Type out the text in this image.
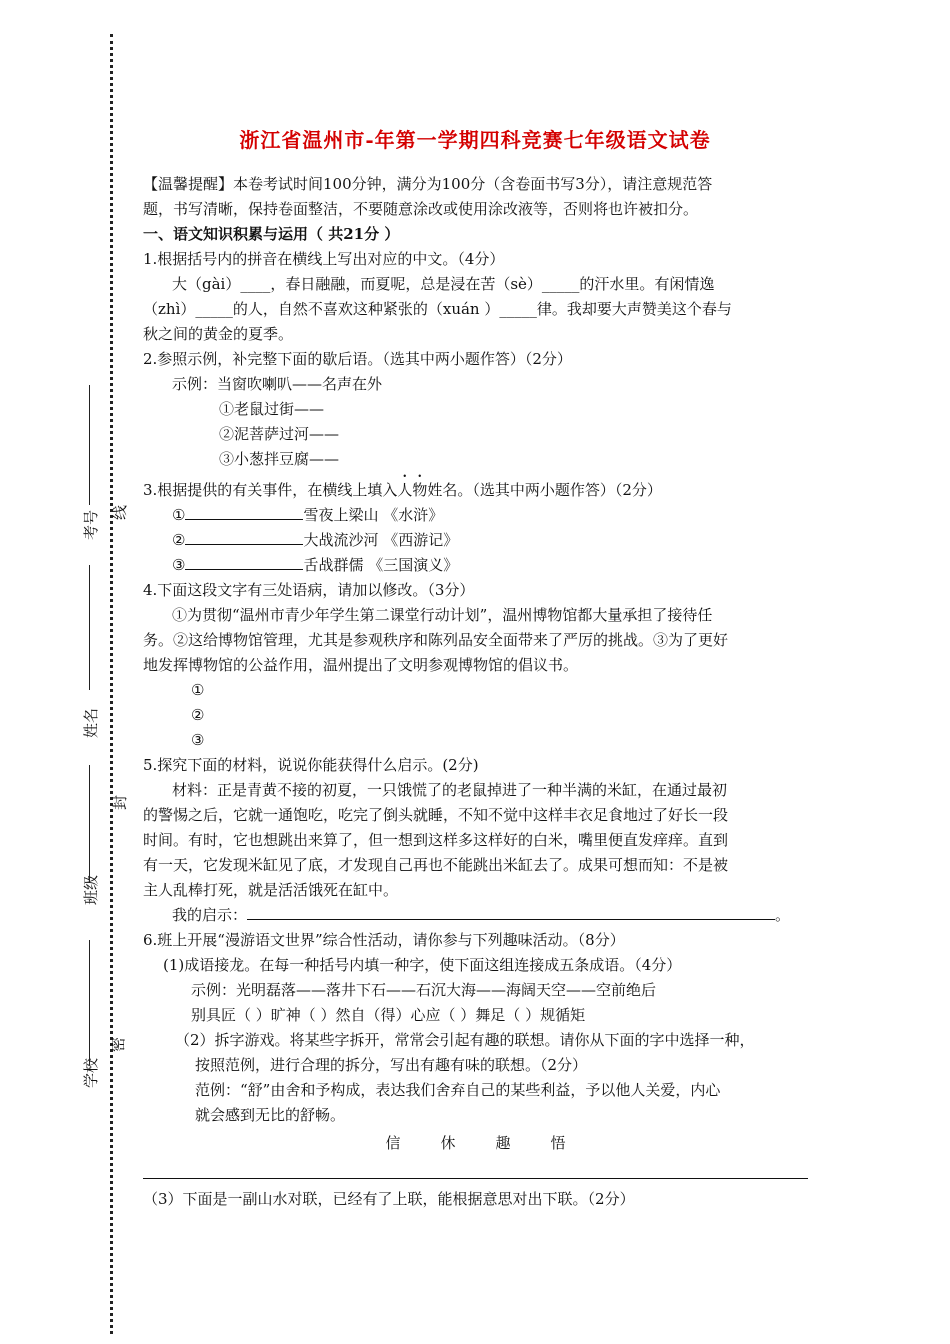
学校
班级
姓名
考号
密
封
线
浙江省温州市-年第一学期四科竞赛七年级语文试卷

【温馨提醒】本卷考试时间100分钟，满分为100分（含卷面书写3分），请注意规范答

题，书写清晰，保持卷面整洁，不要随意涂改或使用涂改液等，否则将也许被扣分。

一、语文知识积累与运用（ 共21分 ）

1.根据括号内的拼音在横线上写出对应的中文。（4分）

大（gài）____，春日融融，而夏呢，总是浸在苦（sè）_____的汗水里。有闲情逸

（zhì）_____的人，自然不喜欢这种紧张的（xuán ）_____律。我却要大声赞美这个春与

秋之间的黄金的夏季。

2.参照示例，补完整下面的歇后语。（选其中两小题作答）（2分）

示例：当窗吹喇叭——名声在外

①老鼠过街——

②泥菩萨过河——

③小葱拌豆腐——

3.根据提供的有关事件，在横线上填入人物姓名。（选其中两小题作答）（2分）

①	雪夜上梁山 《水浒》

②	大战流沙河 《西游记》

③	舌战群儒 《三国演义》

4.下面这段文字有三处语病，请加以修改。（3分）

①为贯彻“温州市青少年学生第二课堂行动计划”，温州博物馆都大量承担了接待任

务。②这给博物馆管理，尤其是参观秩序和陈列品安全面带来了严厉的挑战。③为了更好

地发挥博物馆的公益作用，温州提出了文明参观博物馆的倡议书。

①

②

③

5.探究下面的材料，说说你能获得什么启示。(2分)

材料：正是青黄不接的初夏，一只饿慌了的老鼠掉进了一种半满的米缸，在通过最初

的警惕之后，它就一通饱吃，吃完了倒头就睡，不知不觉中这样丰衣足食地过了好长一段

时间。有时，它也想跳出来算了，但一想到这样多这样好的白米，嘴里便直发痒痒。直到

有一天，它发现米缸见了底，才发现自己再也不能跳出米缸去了。成果可想而知：不是被

主人乱棒打死，就是活活饿死在缸中。

我的启示：	。

6.班上开展“漫游语文世界”综合性活动，请你参与下列趣味活动。（8分）

(1)成语接龙。在每一种括号内填一种字，使下面这组连接成五条成语。（4分）

示例：光明磊落——落井下石——石沉大海——海阔天空——空前绝后

别具匠（ ）旷神（ ）然自（得）心应（ ）舞足（ ）规循矩

（2）拆字游戏。将某些字拆开，常常会引起有趣的联想。请你从下面的字中选择一种，

按照范例，进行合理的拆分，写出有趣有味的联想。（2分）

范例：“舒”由舍和予构成，表达我们舍弃自己的某些利益，予以他人关爱，内心

就会感到无比的舒畅。

信	休	趣	悟

（3）下面是一副山水对联，已经有了上联，能根据意思对出下联。（2分）
